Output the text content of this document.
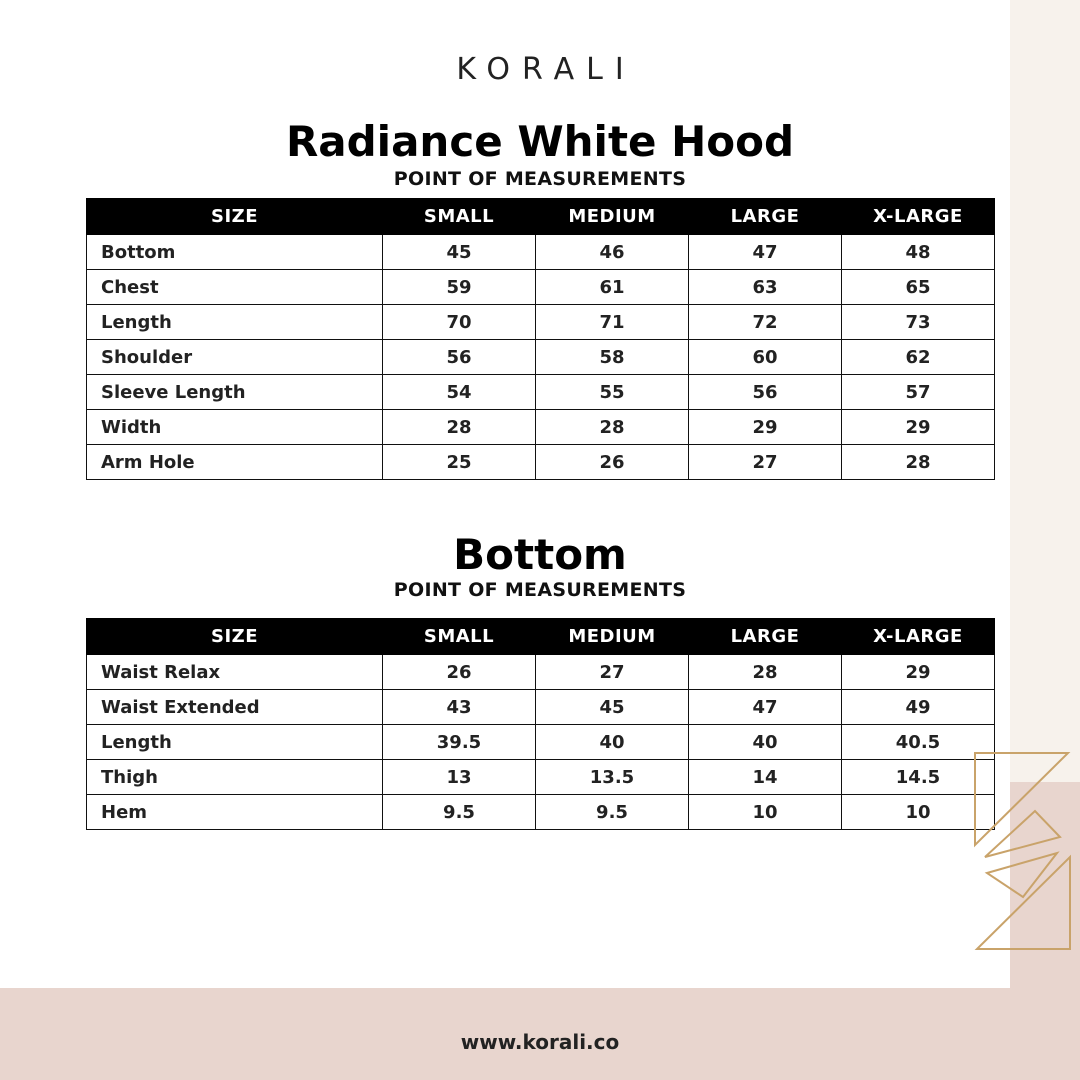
KORALI
Radiance White Hood
POINT OF MEASUREMENTS
SIZE	SMALL	MEDIUM	LARGE	X-LARGE
Bottom	45	46	47	48
Chest	59	61	63	65
Length	70	71	72	73
Shoulder	56	58	60	62
Sleeve Length	54	55	56	57
Width	28	28	29	29
Arm Hole	25	26	27	28
Bottom
POINT OF MEASUREMENTS
SIZE	SMALL	MEDIUM	LARGE	X-LARGE
Waist Relax	26	27	28	29
Waist Extended	43	45	47	49
Length	39.5	40	40	40.5
Thigh	13	13.5	14	14.5
Hem	9.5	9.5	10	10
www.korali.co
